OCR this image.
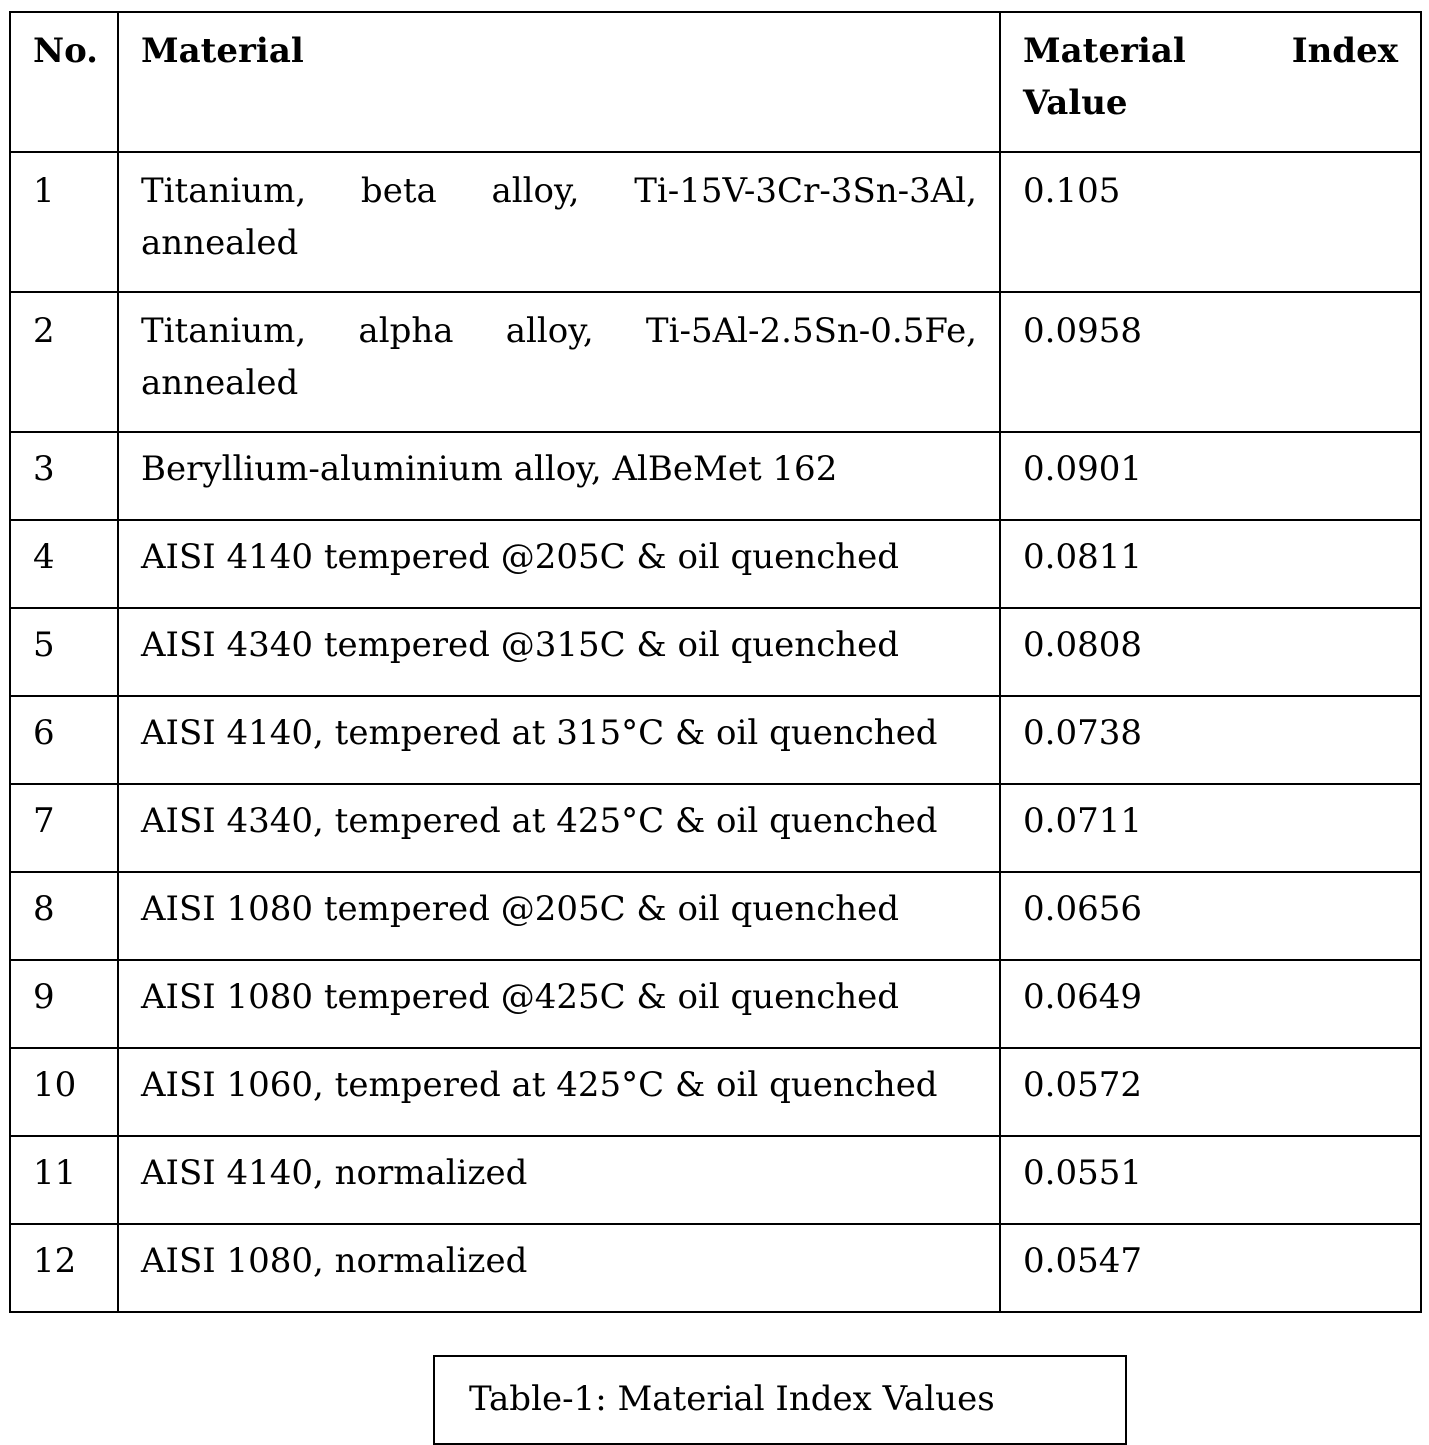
No.	Material	Material Index
Value

1	Titanium, beta alloy, Ti-15V-3Cr-3Sn-3Al, annealed	0.105
2	Titanium, alpha alloy, Ti-5Al-2.5Sn-0.5Fe, annealed	0.0958
3	Beryllium-aluminium alloy, AlBeMet 162	0.0901
4	AISI 4140 tempered @205C & oil quenched	0.0811
5	AISI 4340 tempered @315C & oil quenched	0.0808
6	AISI 4140, tempered at 315°C & oil quenched	0.0738
7	AISI 4340, tempered at 425°C & oil quenched	0.0711
8	AISI 1080 tempered @205C & oil quenched	0.0656
9	AISI 1080 tempered @425C & oil quenched	0.0649
10	AISI 1060, tempered at 425°C & oil quenched	0.0572
11	AISI 4140, normalized	0.0551
12	AISI 1080, normalized	0.0547
Table-1: Material Index Values
